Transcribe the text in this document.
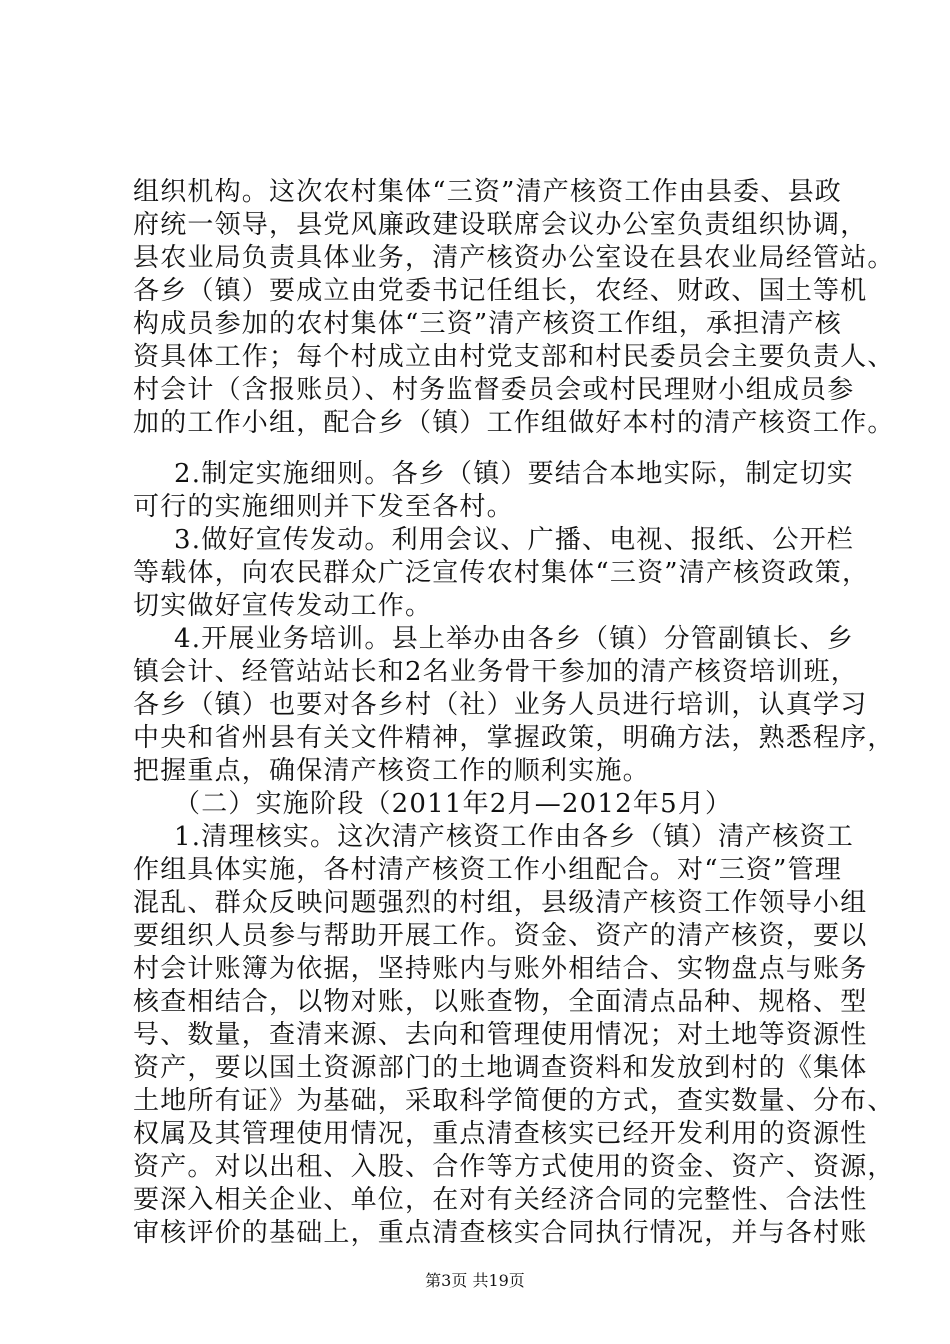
组织机构。这次农村集体“三资”清产核资工作由县委、县政
府统一领导，县党风廉政建设联席会议办公室负责组织协调，
县农业局负责具体业务，清产核资办公室设在县农业局经管站。
各乡（镇）要成立由党委书记任组长，农经、财政、国土等机
构成员参加的农村集体“三资”清产核资工作组，承担清产核
资具体工作；每个村成立由村党支部和村民委员会主要负责人、
村会计（含报账员）、村务监督委员会或村民理财小组成员参
加的工作小组，配合乡（镇）工作组做好本村的清产核资工作。
2.制定实施细则。各乡（镇）要结合本地实际，制定切实
可行的实施细则并下发至各村。
3.做好宣传发动。利用会议、广播、电视、报纸、公开栏
等载体，向农民群众广泛宣传农村集体“三资”清产核资政策，
切实做好宣传发动工作。
4.开展业务培训。县上举办由各乡（镇）分管副镇长、乡
镇会计、经管站站长和2名业务骨干参加的清产核资培训班，
各乡（镇）也要对各乡村（社）业务人员进行培训，认真学习
中央和省州县有关文件精神，掌握政策，明确方法，熟悉程序，
把握重点，确保清产核资工作的顺利实施。
（二）实施阶段（2011年2月—2012年5月）
1.清理核实。这次清产核资工作由各乡（镇）清产核资工
作组具体实施，各村清产核资工作小组配合。对“三资”管理
混乱、群众反映问题强烈的村组，县级清产核资工作领导小组
要组织人员参与帮助开展工作。资金、资产的清产核资，要以
村会计账簿为依据，坚持账内与账外相结合、实物盘点与账务
核查相结合，以物对账，以账查物，全面清点品种、规格、型
号、数量，查清来源、去向和管理使用情况；对土地等资源性
资产，要以国土资源部门的土地调查资料和发放到村的《集体
土地所有证》为基础，采取科学简便的方式，查实数量、分布、
权属及其管理使用情况，重点清查核实已经开发利用的资源性
资产。对以出租、入股、合作等方式使用的资金、资产、资源，
要深入相关企业、单位，在对有关经济合同的完整性、合法性
审核评价的基础上，重点清查核实合同执行情况，并与各村账
第3页 共19页
